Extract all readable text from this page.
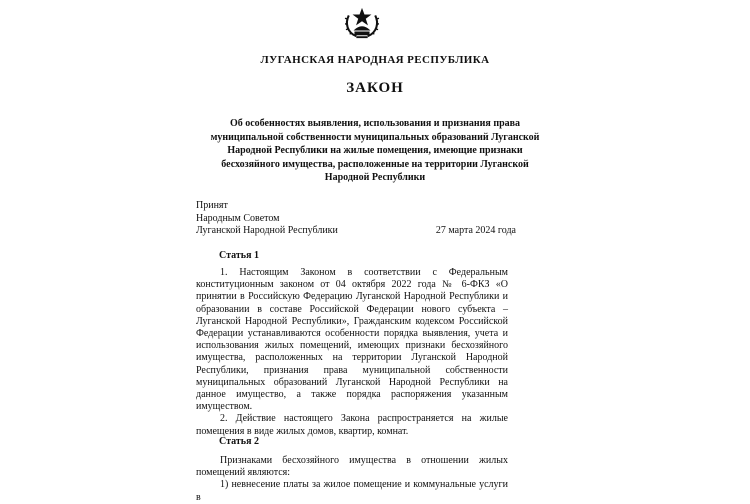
ЛУГАНСКАЯ НАРОДНАЯ РЕСПУБЛИКА
ЗАКОН
Об особенностях выявления, использования и признания права муниципальной собственности муниципальных образований Луганской Народной Республики на жилые помещения, имеющие признаки бесхозяйного имущества, расположенные на территории Луганской Народной Республики
Принят
Народным Советом
Луганской Народной Республики	27 марта 2024 года
Статья 1

1. Настоящим Законом в соответствии с Федеральным конституционным законом от 04 октября 2022 года № 6-ФКЗ «О принятии в Российскую Федерацию Луганской Народной Республики и образовании в составе Российской Федерации нового субъекта – Луганской Народной Республики», Гражданским кодексом Российской Федерации устанавливаются особенности порядка выявления, учета и использования жилых помещений, имеющих признаки бесхозяйного имущества, расположенных на территории Луганской Народной Республики, признания права муниципальной собственности муниципальных образований Луганской Народной Республики на данное имущество, а также порядка распоряжения указанным имуществом.

2. Действие настоящего Закона распространяется на жилые помещения в виде жилых домов, квартир, комнат.

Статья 2

Признаками бесхозяйного имущества в отношении жилых помещений являются:

1) невнесение платы за жилое помещение и коммунальные услуги в
